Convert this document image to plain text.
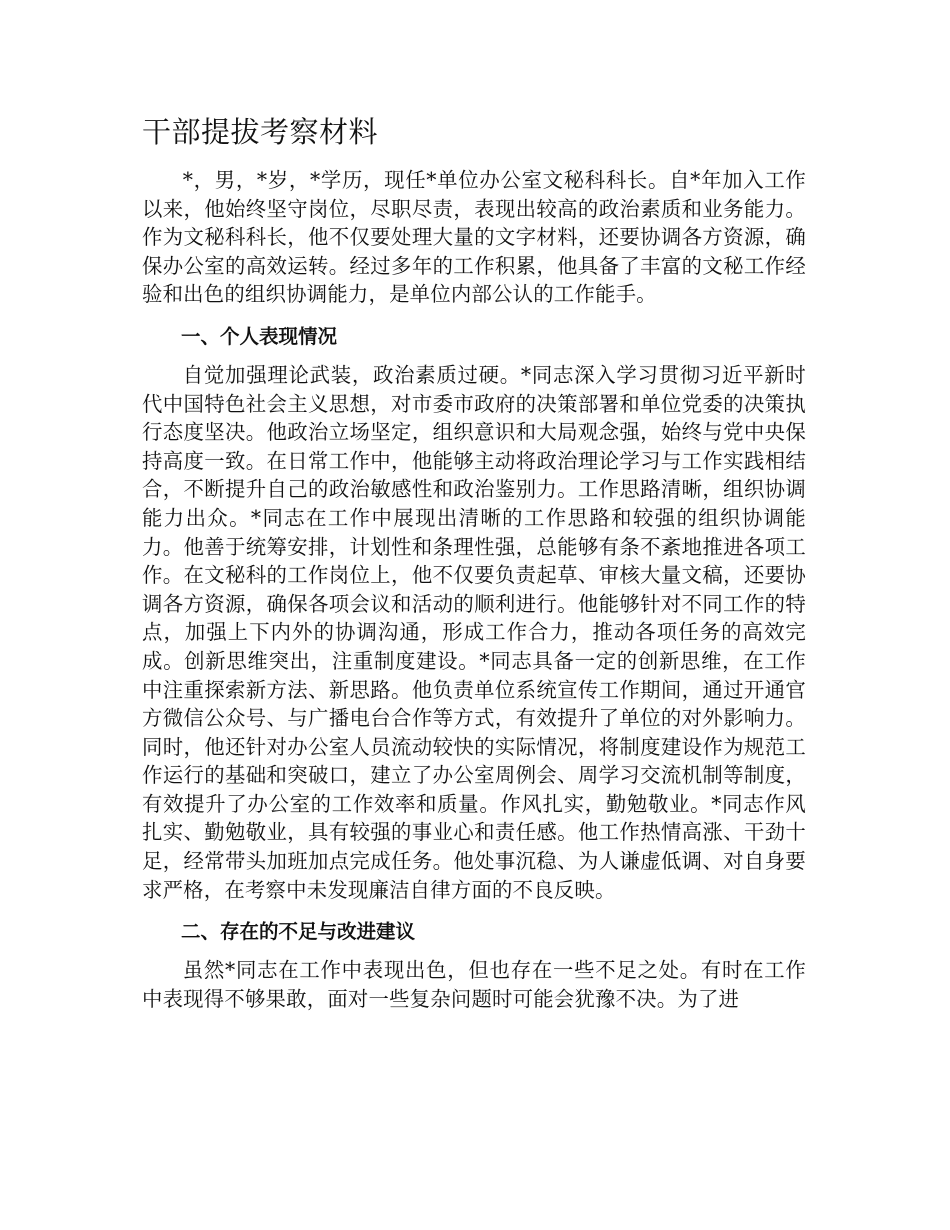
干部提拔考察材料

*，男，*岁，*学历，现任*单位办公室文秘科科长。自*年加入工作以来，他始终坚守岗位，尽职尽责，表现出较高的政治素质和业务能力。作为文秘科科长，他不仅要处理大量的文字材料，还要协调各方资源，确保办公室的高效运转。经过多年的工作积累，他具备了丰富的文秘工作经验和出色的组织协调能力，是单位内部公认的工作能手。

一、个人表现情况

自觉加强理论武装，政治素质过硬。*同志深入学习贯彻习近平新时代中国特色社会主义思想，对市委市政府的决策部署和单位党委的决策执行态度坚决。他政治立场坚定，组织意识和大局观念强，始终与党中央保持高度一致。在日常工作中，他能够主动将政治理论学习与工作实践相结合，不断提升自己的政治敏感性和政治鉴别力。工作思路清晰，组织协调能力出众。*同志在工作中展现出清晰的工作思路和较强的组织协调能力。他善于统筹安排，计划性和条理性强，总能够有条不紊地推进各项工作。在文秘科的工作岗位上，他不仅要负责起草、审核大量文稿，还要协调各方资源，确保各项会议和活动的顺利进行。他能够针对不同工作的特点，加强上下内外的协调沟通，形成工作合力，推动各项任务的高效完成。创新思维突出，注重制度建设。*同志具备一定的创新思维，在工作中注重探索新方法、新思路。他负责单位系统宣传工作期间，通过开通官方微信公众号、与广播电台合作等方式，有效提升了单位的对外影响力。同时，他还针对办公室人员流动较快的实际情况，将制度建设作为规范工作运行的基础和突破口，建立了办公室周例会、周学习交流机制等制度，有效提升了办公室的工作效率和质量。作风扎实，勤勉敬业。*同志作风扎实、勤勉敬业，具有较强的事业心和责任感。他工作热情高涨、干劲十足，经常带头加班加点完成任务。他处事沉稳、为人谦虚低调、对自身要求严格，在考察中未发现廉洁自律方面的不良反映。

二、存在的不足与改进建议

虽然*同志在工作中表现出色，但也存在一些不足之处。有时在工作中表现得不够果敢，面对一些复杂问题时可能会犹豫不决。为了进
